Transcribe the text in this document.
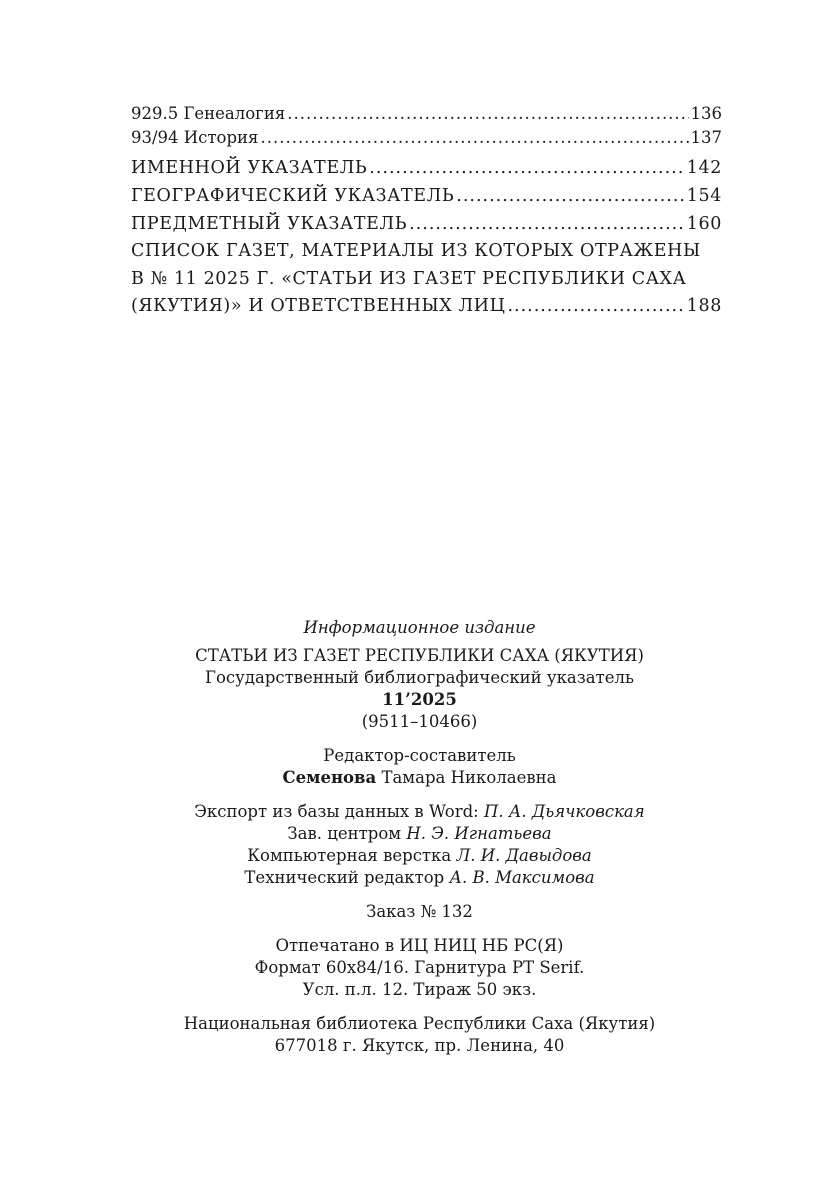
929.5 Генеалогия .....	136
93/94 История .....	137
ИМЕННОЙ УКАЗАТЕЛЬ .....	142
ГЕОГРАФИЧЕСКИЙ УКАЗАТЕЛЬ .....	154
ПРЕДМЕТНЫЙ УКАЗАТЕЛЬ .....	160
СПИСОК ГАЗЕТ, МАТЕРИАЛЫ ИЗ КОТОРЫХ ОТРАЖЕНЫ
В № 11 2025 Г. «СТАТЬИ ИЗ ГАЗЕТ РЕСПУБЛИКИ САХА
(ЯКУТИЯ)» И ОТВЕТСТВЕННЫХ ЛИЦ .....	188
Информационное издание
СТАТЬИ ИЗ ГАЗЕТ РЕСПУБЛИКИ САХА (ЯКУТИЯ)
Государственный библиографический указатель
11’2025
(9511–10466)
Редактор-составитель
Семенова Тамара Николаевна
Экспорт из базы данных в Word: П. А. Дьячковская
Зав. центром Н. Э. Игнатьева
Компьютерная верстка Л. И. Давыдова
Технический редактор А. В. Максимова
Заказ № 132
Отпечатано в ИЦ НИЦ НБ РС(Я)
Формат 60х84/16. Гарнитура PT Serif.
Усл. п.л. 12. Тираж 50 экз.
Национальная библиотека Республики Саха (Якутия)
677018 г. Якутск, пр. Ленина, 40
